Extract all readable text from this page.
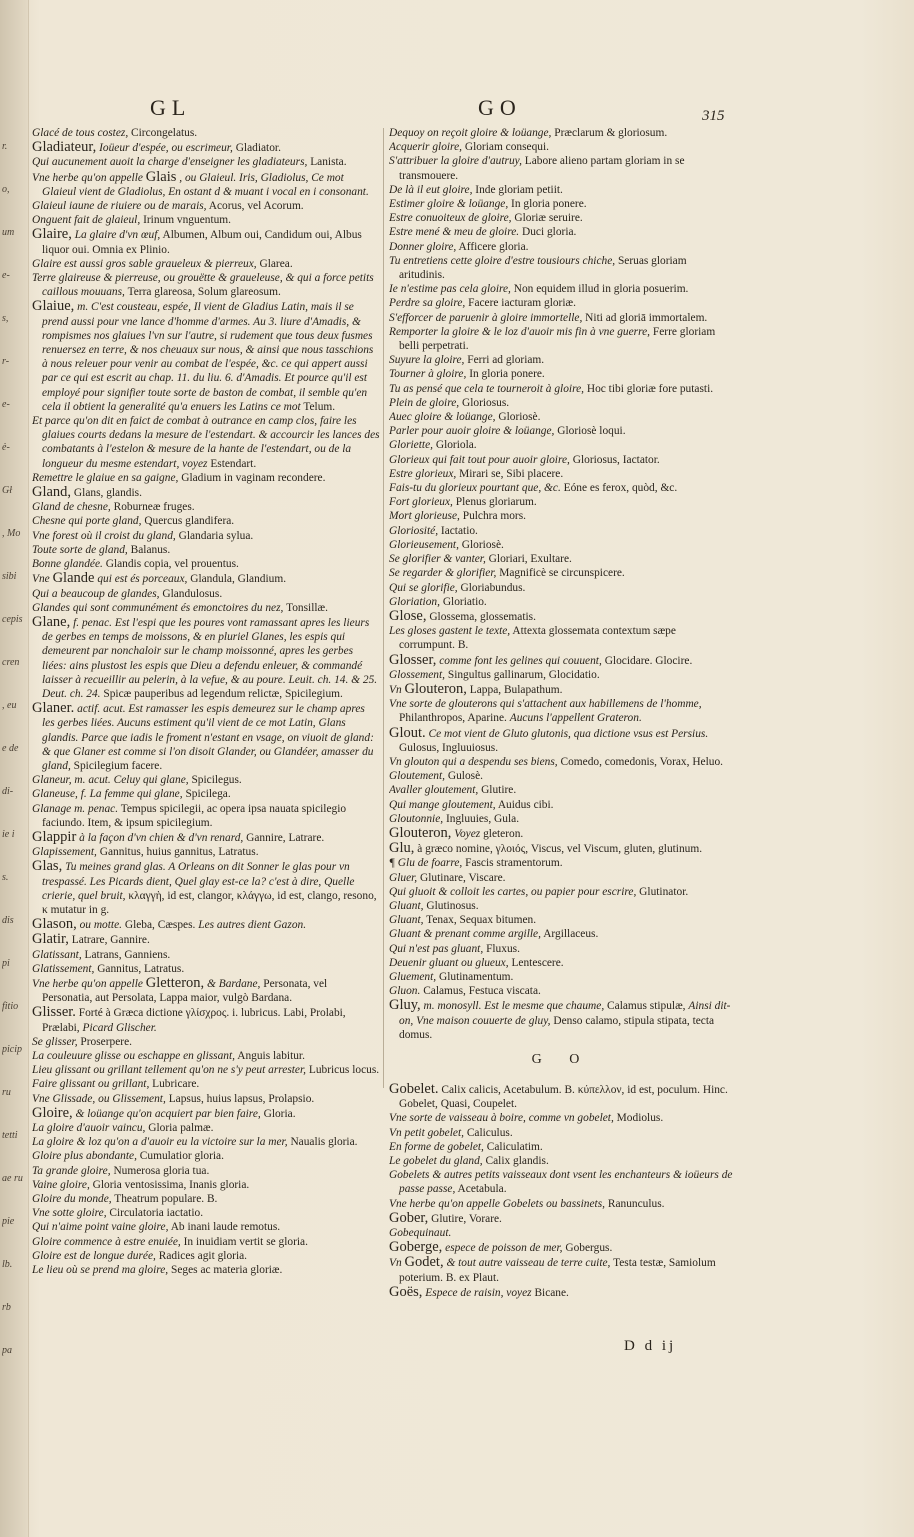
r.
o,
um
e-
s,
r-
e-
ė-
Gł
, Mo
sibi
cepis
cren
, eu
e de
di-
ie i
s.
dis
pi
fitio
picip
ru
tetti
ae ru
pie
lb.
rb
pa
GL	GO	315

Glacé de tous costez, Circongelatus.

Gladiateur, Ioüeur d'espée, ou escrimeur, Gladiator.

Qui aucunement auoit la charge d'enseigner les gladiateurs, Lanista.

Vne herbe qu'on appelle Glais , ou Glaieul. Iris, Gladiolus, Ce mot Glaieul vient de Gladiolus, En ostant d & muant i vocal en i consonant.

Glaieul iaune de riuiere ou de marais, Acorus, vel Acorum.

Onguent fait de glaieul, Irinum vnguentum.

Glaire, La glaire d'vn œuf, Albumen, Album oui, Candidum oui, Albus liquor oui. Omnia ex Plinio.

Glaire est aussi gros sable graueleux & pierreux, Glarea.

Terre glaireuse & pierreuse, ou grouëtte & graueleuse, & qui a force petits caillous mouuans, Terra glareosa, Solum glareosum.

Glaiue, m. C'est cousteau, espée, Il vient de Gladius Latin, mais il se prend aussi pour vne lance d'homme d'armes. Au 3. liure d'Amadis, & rompismes nos glaiues l'vn sur l'autre, si rudement que tous deux fusmes renuersez en terre, & nos cheuaux sur nous, & ainsi que nous tasschions à nous releuer pour venir au combat de l'espée, &c. ce qui appert aussi par ce qui est escrit au chap. 11. du liu. 6. d'Amadis. Et pource qu'il est employé pour signifier toute sorte de baston de combat, il semble qu'en cela il obtient la generalité qu'a enuers les Latins ce mot Telum.

Et parce qu'on dit en faict de combat à outrance en camp clos, faire les glaiues courts dedans la mesure de l'estendart. & accourcir les lances des combatants à l'estelon & mesure de la hante de l'estendart, ou de la longueur du mesme estendart, voyez Estendart.

Remettre le glaiue en sa gaigne, Gladium in vaginam recondere.

Gland, Glans, glandis.

Gland de chesne, Roburneæ fruges.

Chesne qui porte gland, Quercus glandifera.

Vne forest où il croist du gland, Glandaria sylua.

Toute sorte de gland, Balanus.

Bonne glandée. Glandis copia, vel prouentus.

Vne Glande qui est és porceaux, Glandula, Glandium.

Qui a beaucoup de glandes, Glandulosus.

Glandes qui sont communément és emonctoires du nez, Tonsillæ.

Glane, f. penac. Est l'espi que les poures vont ramassant apres les lieurs de gerbes en temps de moissons, & en pluriel Glanes, les espis qui demeurent par nonchaloir sur le champ moissonné, apres les gerbes liées: ains plustost les espis que Dieu a defendu enleuer, & commandé laisser à recueillir au pelerin, à la vefue, & au poure. Leuit. ch. 14. & 25. Deut. ch. 24. Spicæ pauperibus ad legendum relictæ, Spicilegium.

Glaner. actif. acut. Est ramasser les espis demeurez sur le champ apres les gerbes liées. Aucuns estiment qu'il vient de ce mot Latin, Glans glandis. Parce que iadis le froment n'estant en vsage, on viuoit de gland: & que Glaner est comme si l'on disoit Glander, ou Glandéer, amasser du gland, Spicilegium facere.

Glaneur, m. acut. Celuy qui glane, Spicilegus.

Glaneuse, f. La femme qui glane, Spicilega.

Glanage m. penac. Tempus spicilegii, ac opera ipsa nauata spicilegio faciundo. Item, & ipsum spicilegium.

Glappir à la façon d'vn chien & d'vn renard, Gannire, Latrare.

Glapissement, Gannitus, huius gannitus, Latratus.

Glas, Tu meines grand glas. A Orleans on dit Sonner le glas pour vn trespassé. Les Picards dient, Quel glay est-ce la? c'est à dire, Quelle crierie, quel bruit, κλαγγὴ, id est, clangor, κλάγγω, id est, clango, resono, κ mutatur in g.

Glason, ou motte. Gleba, Cæspes. Les autres dient Gazon.

Glatir, Latrare, Gannire.

Glatissant, Latrans, Ganniens.

Glatissement, Gannitus, Latratus.

Vne herbe qu'on appelle Gletteron, & Bardane, Personata, vel Personatia, aut Persolata, Lappa maior, vulgò Bardana.

Glisser. Forté à Græca dictione γλίσχρος. i. lubricus. Labi, Prolabi, Prælabi, Picard Glischer.

Se glisser, Proserpere.

La couleuure glisse ou eschappe en glissant, Anguis labitur.

Lieu glissant ou grillant tellement qu'on ne s'y peut arrester, Lubricus locus.

Faire glissant ou grillant, Lubricare.

Vne Glissade, ou Glissement, Lapsus, huius lapsus, Prolapsio.

Gloire, & loüange qu'on acquiert par bien faire, Gloria.

La gloire d'auoir vaincu, Gloria palmæ.

La gloire & loz qu'on a d'auoir eu la victoire sur la mer, Naualis gloria.

Gloire plus abondante, Cumulatior gloria.

Ta grande gloire, Numerosa gloria tua.

Vaine gloire, Gloria ventosissima, Inanis gloria.

Gloire du monde, Theatrum populare. B.

Vne sotte gloire, Circulatoria iactatio.

Qui n'aime point vaine gloire, Ab inani laude remotus.

Gloire commence à estre enuiée, In inuidiam vertit se gloria.

Gloire est de longue durée, Radices agit gloria.

Le lieu où se prend ma gloire, Seges ac materia gloriæ.

Dequoy on reçoit gloire & loüange, Præclarum & gloriosum.

Acquerir gloire, Gloriam consequi.

S'attribuer la gloire d'autruy, Labore alieno partam gloriam in se transmouere.

De là il eut gloire, Inde gloriam petiit.

Estimer gloire & loüange, In gloria ponere.

Estre conuoiteux de gloire, Gloriæ seruire.

Estre mené & meu de gloire. Duci gloria.

Donner gloire, Afficere gloria.

Tu entretiens cette gloire d'estre tousiours chiche, Seruas gloriam aritudinis.

Ie n'estime pas cela gloire, Non equidem illud in gloria posuerim.

Perdre sa gloire, Facere iacturam gloriæ.

S'efforcer de paruenir à gloire immortelle, Niti ad gloriā immortalem.

Remporter la gloire & le loz d'auoir mis fin à vne guerre, Ferre gloriam belli perpetrati.

Suyure la gloire, Ferri ad gloriam.

Tourner à gloire, In gloria ponere.

Tu as pensé que cela te tourneroit à gloire, Hoc tibi gloriæ fore putasti.

Plein de gloire, Gloriosus.

Auec gloire & loüange, Gloriosè.

Parler pour auoir gloire & loüange, Gloriosè loqui.

Gloriette, Gloriola.

Glorieux qui fait tout pour auoir gloire, Gloriosus, Iactator.

Estre glorieux, Mirari se, Sibi placere.

Fais-tu du glorieux pourtant que, &c. Eóne es ferox, quòd, &c.

Fort glorieux, Plenus gloriarum.

Mort glorieuse, Pulchra mors.

Gloriosité, Iactatio.

Glorieusement, Gloriosè.

Se glorifier & vanter, Gloriari, Exultare.

Se regarder & glorifier, Magnificè se circunspicere.

Qui se glorifie, Gloriabundus.

Gloriation, Gloriatio.

Glose, Glossema, glossematis.

Les gloses gastent le texte, Attexta glossemata contextum sæpe corrumpunt. B.

Glosser, comme font les gelines qui couuent, Glocidare. Glocire.

Glossement, Singultus gallinarum, Glocidatio.

Vn Glouteron, Lappa, Bulapathum.

Vne sorte de glouterons qui s'attachent aux habillemens de l'homme, Philanthropos, Aparine. Aucuns l'appellent Grateron.

Glout. Ce mot vient de Gluto glutonis, qua dictione vsus est Persius. Gulosus, Ingluuiosus.

Vn glouton qui a despendu ses biens, Comedo, comedonis, Vorax, Heluo.

Gloutement, Gulosè.

Avaller gloutement, Glutire.

Qui mange gloutement, Auidus cibi.

Gloutonnie, Ingluuies, Gula.

Glouteron, Voyez gleteron.

Glu, à græco nomine, γλοιός, Viscus, vel Viscum, gluten, glutinum.

¶ Glu de foarre, Fascis stramentorum.

Gluer, Glutinare, Viscare.

Qui gluoit & colloit les cartes, ou papier pour escrire, Glutinator.

Gluant, Glutinosus.

Gluant, Tenax, Sequax bitumen.

Gluant & prenant comme argille, Argillaceus.

Qui n'est pas gluant, Fluxus.

Deuenir gluant ou glueux, Lentescere.

Gluement, Glutinamentum.

Gluon. Calamus, Festuca viscata.

Gluy, m. monosyll. Est le mesme que chaume, Calamus stipulæ, Ainsi dit-on, Vne maison couuerte de gluy, Denso calamo, stipula stipata, tecta domus.

G O

Gobelet. Calix calicis, Acetabulum. B. κύπελλον, id est, poculum. Hinc. Gobelet, Quasi, Coupelet.

Vne sorte de vaisseau à boire, comme vn gobelet, Modiolus.

Vn petit gobelet, Caliculus.

En forme de gobelet, Caliculatim.

Le gobelet du gland, Calix glandis.

Gobelets & autres petits vaisseaux dont vsent les enchanteurs & ioüeurs de passe passe, Acetabula.

Vne herbe qu'on appelle Gobelets ou bassinets, Ranunculus.

Gober, Glutire, Vorare.

Gobequinaut.

Goberge, espece de poisson de mer, Gobergus.

Vn Godet, & tout autre vaisseau de terre cuite, Testa testæ, Samiolum poterium. B. ex Plaut.

Goës, Espece de raisin, voyez Bicane.

D d ij
